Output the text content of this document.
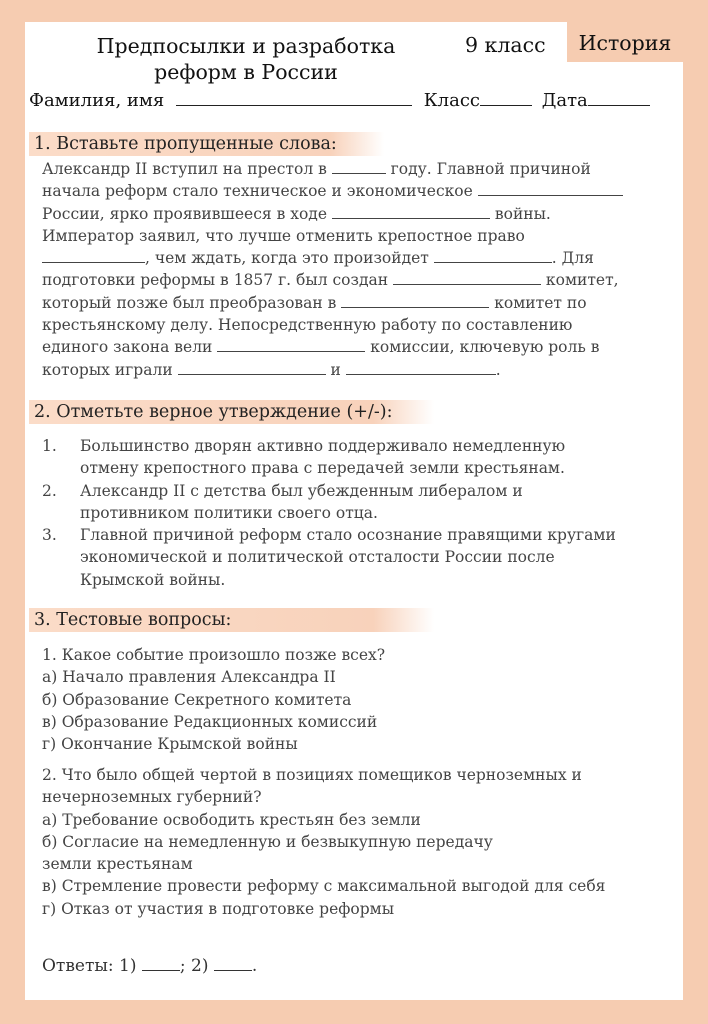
Предпосылки и разработка
реформ в России
9 класс	История
Фамилия, имя	Класс	Дата
1. Вставьте пропущенные слова:
Александр II вступил на престол в	году. Главной причиной
начала реформ стало техническое и экономическое
России, ярко проявившееся в ходе	войны.
Император заявил, что лучше отменить крепостное право
, чем ждать, когда это произойдет	. Для
подготовки реформы в 1857 г. был создан	комитет,
который позже был преобразован в	комитет по
крестьянскому делу. Непосредственную работу по составлению
единого закона вели	комиссии, ключевую роль в
которых играли	и	.
2. Отметьте верное утверждение (+/-):
1. Большинство дворян активно поддерживало немедленную
отмену крепостного права с передачей земли крестьянам.
2. Александр II с детства был убежденным либералом и
противником политики своего отца.
3. Главной причиной реформ стало осознание правящими кругами
экономической и политической отсталости России после
Крымской войны.
3. Тестовые вопросы:
1. Какое событие произошло позже всех?
а) Начало правления Александра II
б) Образование Секретного комитета
в) Образование Редакционных комиссий
г) Окончание Крымской войны
2. Что было общей чертой в позициях помещиков черноземных и
нечерноземных губерний?
а) Требование освободить крестьян без земли
б) Согласие на немедленную и безвыкупную передачу
земли крестьянам
в) Стремление провести реформу с максимальной выгодой для себя
г) Отказ от участия в подготовке реформы
Ответы: 1) ; 2) .
